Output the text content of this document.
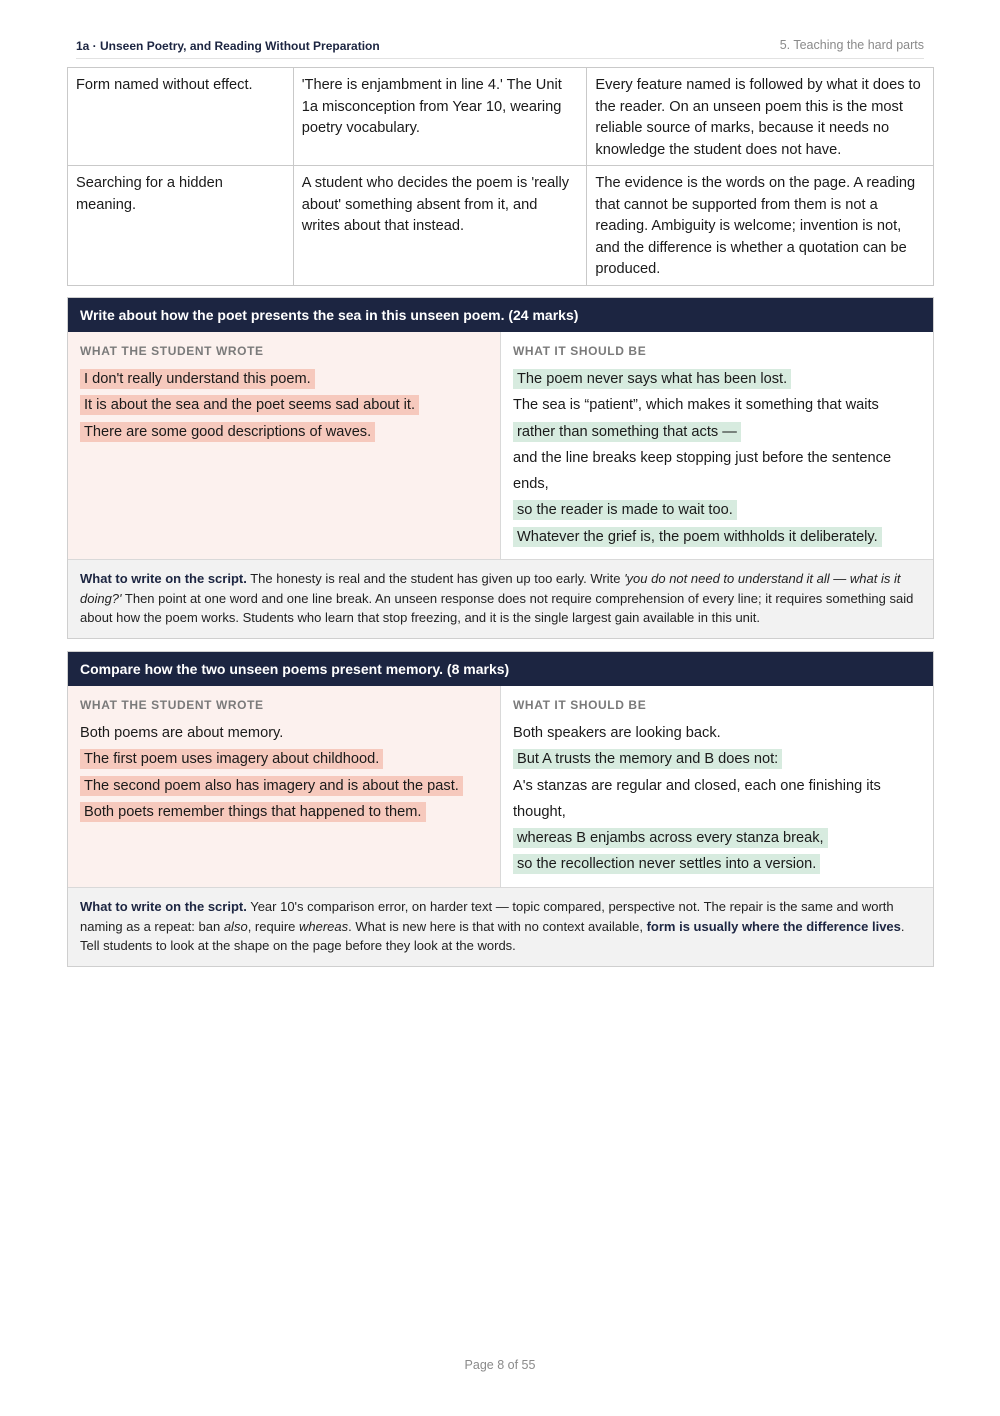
1a · Unseen Poetry, and Reading Without Preparation	5. Teaching the hard parts
Form named without effect.	'There is enjambment in line 4.' The Unit 1a misconception from Year 10, wearing poetry vocabulary.	Every feature named is followed by what it does to the reader. On an unseen poem this is the most reliable source of marks, because it needs no knowledge the student does not have.
Searching for a hidden meaning.	A student who decides the poem is 'really about' something absent from it, and writes about that instead.	The evidence is the words on the page. A reading that cannot be supported from them is not a reading. Ambiguity is welcome; invention is not, and the difference is whether a quotation can be produced.
Write about how the poet presents the sea in this unseen poem. (24 marks)
WHAT THE STUDENT WROTE
I don't really understand this poem.
It is about the sea and the poet seems sad about it.
There are some good descriptions of waves.
WHAT IT SHOULD BE
The poem never says what has been lost.
The sea is “patient”, which makes it something that waits
rather than something that acts —
and the line breaks keep stopping just before the sentence ends,
so the reader is made to wait too.
Whatever the grief is, the poem withholds it deliberately.
What to write on the script. The honesty is real and the student has given up too early. Write 'you do not need to understand it all — what is it doing?' Then point at one word and one line break. An unseen response does not require comprehension of every line; it requires something said about how the poem works. Students who learn that stop freezing, and it is the single largest gain available in this unit.
Compare how the two unseen poems present memory. (8 marks)
WHAT THE STUDENT WROTE
Both poems are about memory.
The first poem uses imagery about childhood.
The second poem also has imagery and is about the past.
Both poets remember things that happened to them.
WHAT IT SHOULD BE
Both speakers are looking back.
But A trusts the memory and B does not:
A's stanzas are regular and closed, each one finishing its thought,
whereas B enjambs across every stanza break,
so the recollection never settles into a version.
What to write on the script. Year 10's comparison error, on harder text — topic compared, perspective not. The repair is the same and worth naming as a repeat: ban also, require whereas. What is new here is that with no context available, form is usually where the difference lives. Tell students to look at the shape on the page before they look at the words.
Page 8 of 55
